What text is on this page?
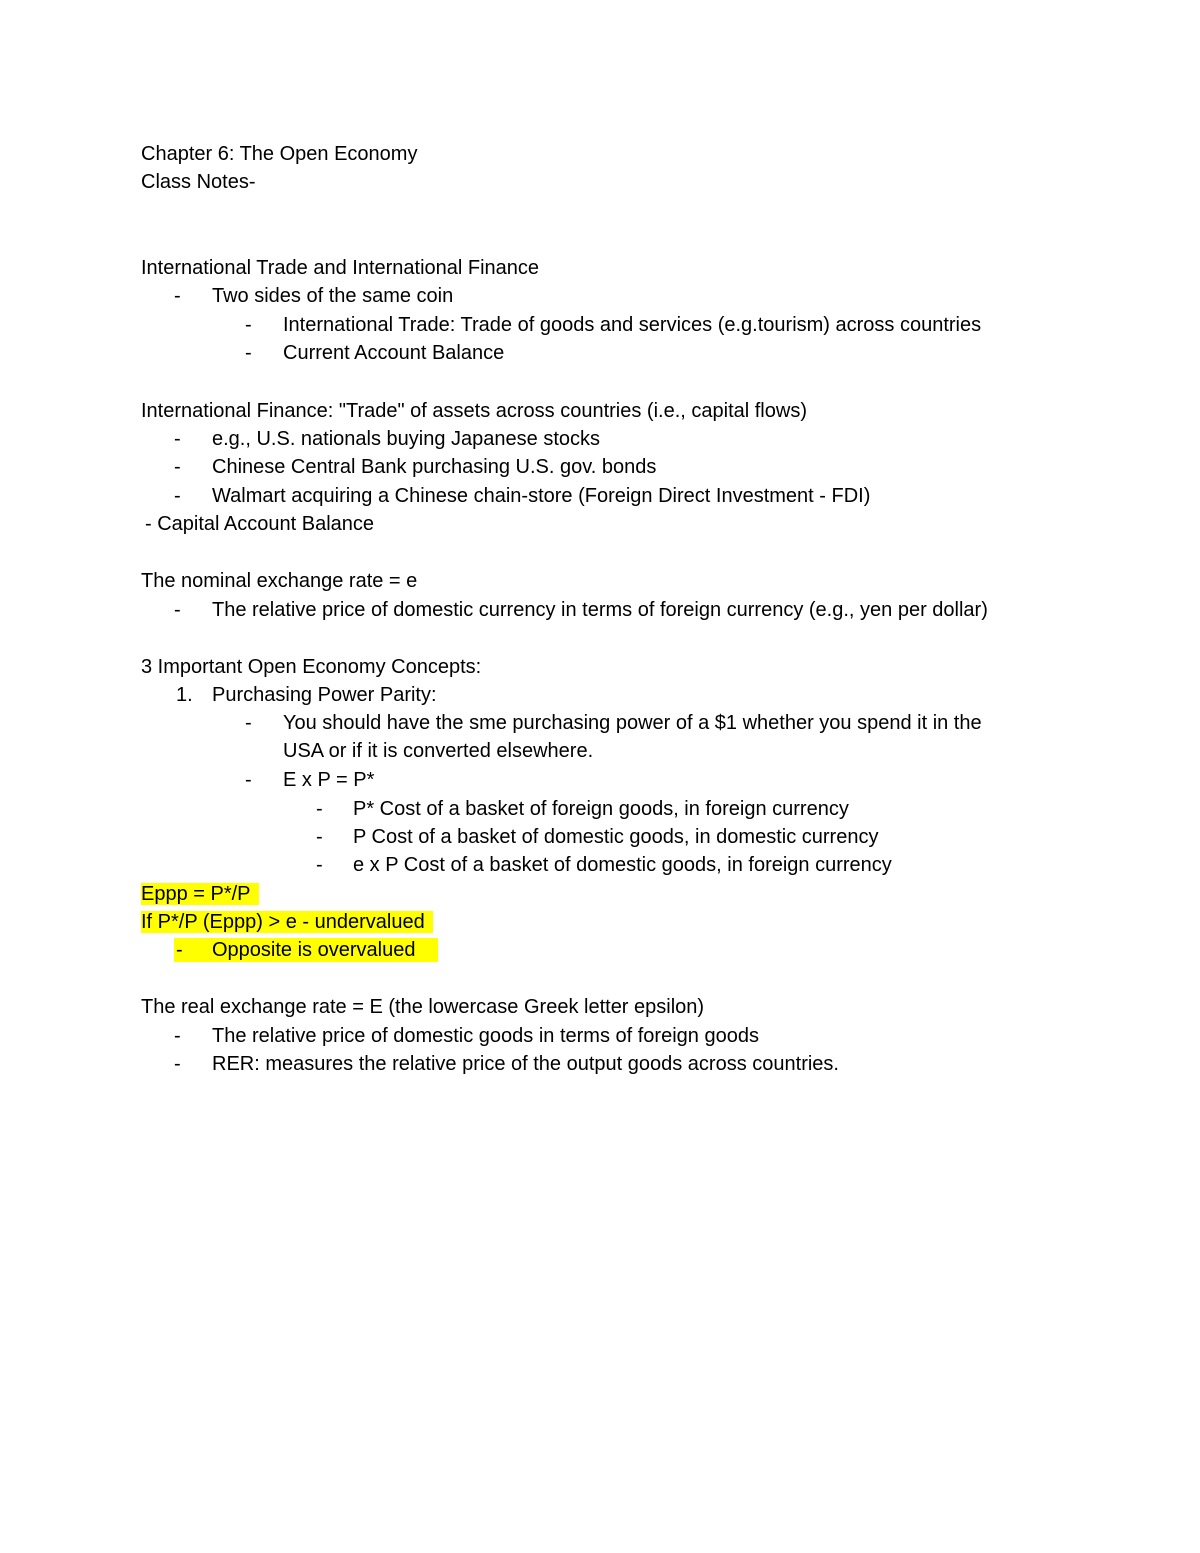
Chapter 6: The Open Economy
Class Notes-
International Trade and International Finance
- Two sides of the same coin
- International Trade: Trade of goods and services (e.g.tourism) across countries
- Current Account Balance
International Finance: "Trade" of assets across countries (i.e., capital flows)
- e.g., U.S. nationals buying Japanese stocks
- Chinese Central Bank purchasing U.S. gov. bonds
- Walmart acquiring a Chinese chain-store (Foreign Direct Investment - FDI)
- Capital Account Balance
The nominal exchange rate = e
- The relative price of domestic currency in terms of foreign currency (e.g., yen per dollar)
3 Important Open Economy Concepts:
1. Purchasing Power Parity:
- You should have the sme purchasing power of a $1 whether you spend it in the
USA or if it is converted elsewhere.
- E x P = P*
- P* Cost of a basket of foreign goods, in foreign currency
- P Cost of a basket of domestic goods, in domestic currency
- e x P Cost of a basket of domestic goods, in foreign currency
Eppp = P*/P
If P*/P (Eppp) > e - undervalued
- Opposite is overvalued
The real exchange rate = E (the lowercase Greek letter epsilon)
- The relative price of domestic goods in terms of foreign goods
- RER: measures the relative price of the output goods across countries.
